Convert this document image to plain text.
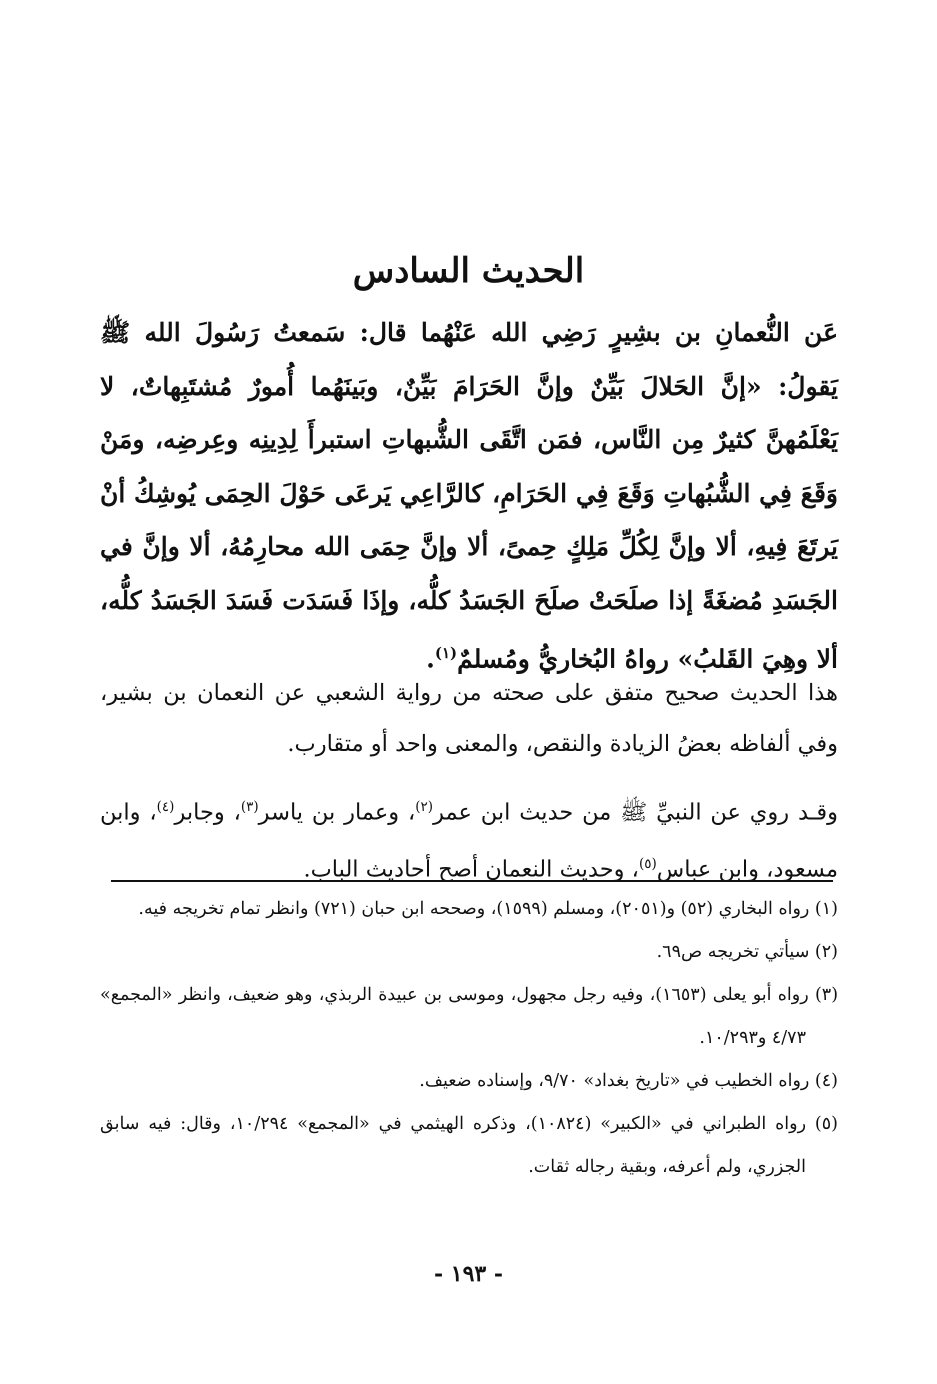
الحديث السادس
عَن النُّعمانِ بن بشِيرٍ رَضِي الله عَنْهُما قال: سَمعتُ رَسُولَ الله ﷺ يَقولُ: «إنَّ الحَلالَ بَيِّنٌ وإنَّ الحَرَامَ بَيِّنٌ، وبَينَهُما أُمورٌ مُشتَبِهاتٌ، لا يَعْلَمُهنَّ كثيرٌ مِن النَّاس، فمَن اتَّقَى الشُّبهاتِ استبرأَ لِدِينِه وعِرضِه، ومَنْ وَقَعَ فِي الشُّبُهاتِ وَقَعَ فِي الحَرَامِ، كالرَّاعِي يَرعَى حَوْلَ الحِمَى يُوشِكُ أنْ يَرتَعَ فِيهِ، ألا وإنَّ لِكُلِّ مَلِكٍ حِمىً، ألا وإنَّ حِمَى الله محارِمُهُ، ألا وإنَّ في الجَسَدِ مُضغَةً إذا صلَحَتْ صلَحَ الجَسَدُ كلُّه، وإذَا فَسَدَت فَسَدَ الجَسَدُ كلُّه، ألا وهِيَ القَلبُ» رواهُ البُخاريُّ ومُسلمٌ$^{(١)}$.
هذا الحديث صحيح متفق على صحته من رواية الشعبي عن النعمان بن بشير، وفي ألفاظه بعضُ الزيادة والنقص، والمعنى واحد أو متقارب.
وقـد روي عن النبيِّ ﷺ من حديث ابن عمر$^{(٢)}$، وعمار بن ياسر$^{(٣)}$، وجابر$^{(٤)}$، وابن مسعود، وابن عباس$^{(٥)}$، وحديث النعمان أصح أحاديث الباب.
(١) رواه البخاري (٥٢) و(٢٠٥١)، ومسلم (١٥٩٩)، وصححه ابن حبان (٧٢١) وانظر تمام تخريجه فيه.
(٢) سيأتي تخريجه ص٦٩.
(٣) رواه أبو يعلى (١٦٥٣)، وفيه رجل مجهول، وموسى بن عبيدة الربذي، وهو ضعيف، وانظر «المجمع» ٤/٧٣ و١٠/٢٩٣.
(٤) رواه الخطيب في «تاريخ بغداد» ٩/٧٠، وإسناده ضعيف.
(٥) رواه الطبراني في «الكبير» (١٠٨٢٤)، وذكره الهيثمي في «المجمع» ١٠/٢٩٤، وقال: فيه سابق الجزري، ولم أعرفه، وبقية رجاله ثقات.
- ١٩٣ -
